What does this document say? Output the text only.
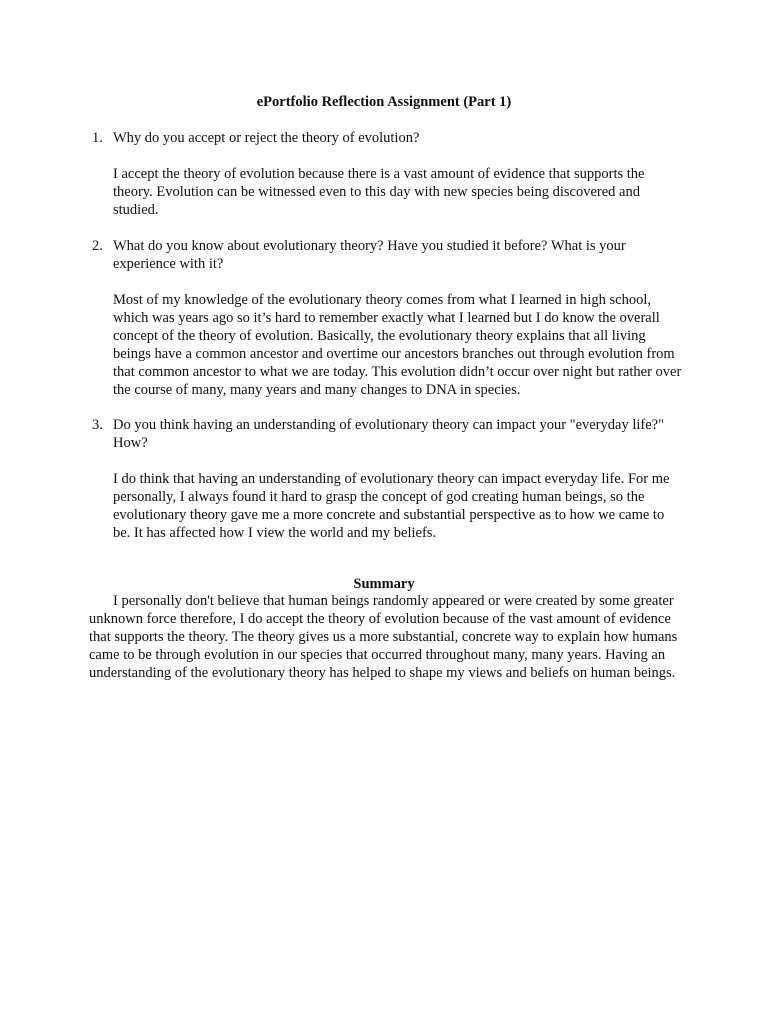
ePortfolio Reflection Assignment (Part 1)
1. Why do you accept or reject the theory of evolution?

I accept the theory of evolution because there is a vast amount of evidence that supports the theory. Evolution can be witnessed even to this day with new species being discovered and studied.

2. What do you know about evolutionary theory? Have you studied it before? What is your experience with it?

Most of my knowledge of the evolutionary theory comes from what I learned in high school, which was years ago so it’s hard to remember exactly what I learned but I do know the overall concept of the theory of evolution. Basically, the evolutionary theory explains that all living beings have a common ancestor and overtime our ancestors branches out through evolution from that common ancestor to what we are today. This evolution didn’t occur over night but rather over the course of many, many years and many changes to DNA in species.

3. Do you think having an understanding of evolutionary theory can impact your "everyday life?" How?

I do think that having an understanding of evolutionary theory can impact everyday life. For me personally, I always found it hard to grasp the concept of god creating human beings, so the evolutionary theory gave me a more concrete and substantial perspective as to how we came to be. It has affected how I view the world and my beliefs.

Summary

I personally don't believe that human beings randomly appeared or were created by some greater unknown force therefore, I do accept the theory of evolution because of the vast amount of evidence that supports the theory. The theory gives us a more substantial, concrete way to explain how humans came to be through evolution in our species that occurred throughout many, many years. Having an understanding of the evolutionary theory has helped to shape my views and beliefs on human beings.
